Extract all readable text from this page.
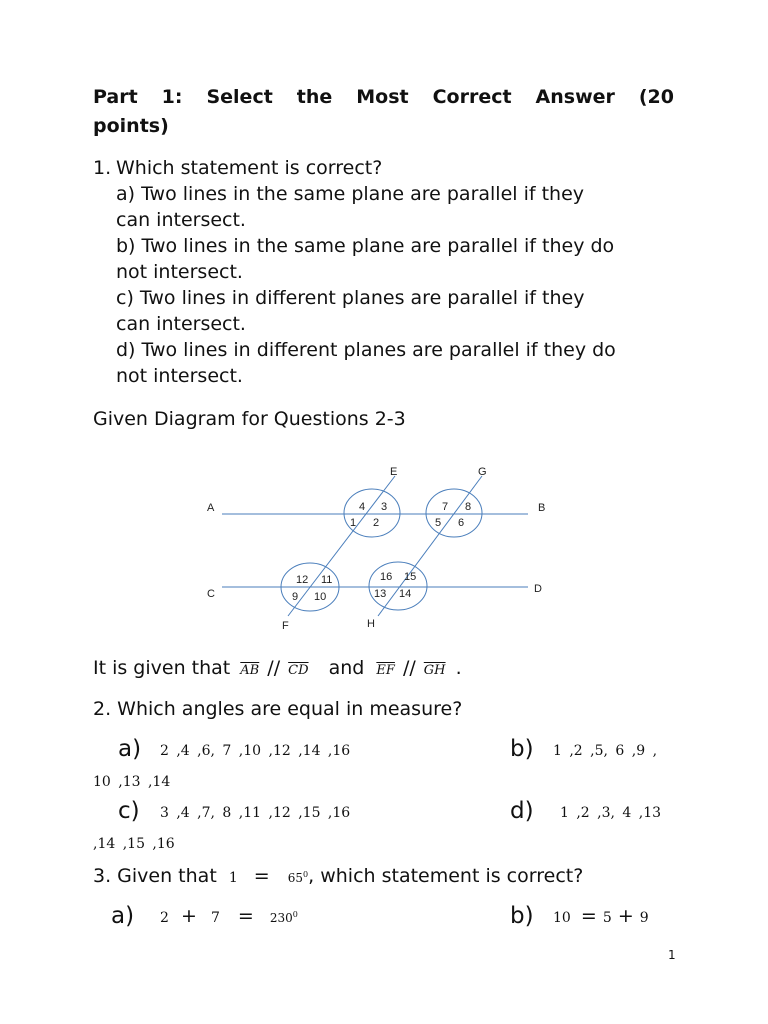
Part 1: Select the Most Correct Answer (20
points)
1. Which statement is correct?
a) Two lines in the same plane are parallel if they
can intersect.
b) Two lines in the same plane are parallel if they do
not intersect.
c) Two lines in different planes are parallel if they
can intersect.
d) Two lines in different planes are parallel if they do
not intersect.
Given Diagram for Questions 2-3
E	G
A	B
C	D
F	H
4 3
1 2
7 8
5 6
12 11
9 10
16 15
13 14
It is given that $\overline{AB} // \overline{CD}$ and $\overline{EF} // \overline{GH}$ .
2. Which angles are equal in measure?
a) 2 ,4 ,6, 7 ,10 ,12 ,14 ,16	b) 1 ,2 ,5, 6 ,9 ,
10 ,13 ,14
c) 3 ,4 ,7, 8 ,11 ,12 ,15 ,16	d) 1 ,2 ,3, 4 ,13
,14 ,15 ,16
3. Given that $1 = 65^0$, which statement is correct?
a) $2 + 7 = 230^0$	b) 10 = 5 + 9
1
